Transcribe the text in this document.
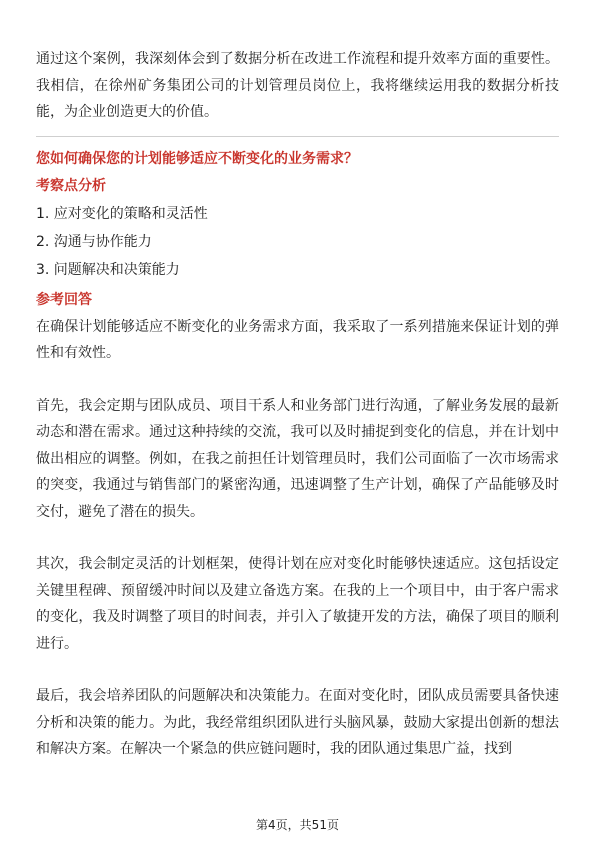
通过这个案例，我深刻体会到了数据分析在改进工作流程和提升效率方面的重要性。我相信，在徐州矿务集团公司的计划管理员岗位上，我将继续运用我的数据分析技能，为企业创造更大的价值。

您如何确保您的计划能够适应不断变化的业务需求？

考察点分析

1. 应对变化的策略和灵活性
2. 沟通与协作能力
3. 问题解决和决策能力

参考回答

在确保计划能够适应不断变化的业务需求方面，我采取了一系列措施来保证计划的弹性和有效性。

首先，我会定期与团队成员、项目干系人和业务部门进行沟通，了解业务发展的最新动态和潜在需求。通过这种持续的交流，我可以及时捕捉到变化的信息，并在计划中做出相应的调整。例如，在我之前担任计划管理员时，我们公司面临了一次市场需求的突变，我通过与销售部门的紧密沟通，迅速调整了生产计划，确保了产品能够及时交付，避免了潜在的损失。

其次，我会制定灵活的计划框架，使得计划在应对变化时能够快速适应。这包括设定关键里程碑、预留缓冲时间以及建立备选方案。在我的上一个项目中，由于客户需求的变化，我及时调整了项目的时间表，并引入了敏捷开发的方法，确保了项目的顺利进行。

最后，我会培养团队的问题解决和决策能力。在面对变化时，团队成员需要具备快速分析和决策的能力。为此，我经常组织团队进行头脑风暴，鼓励大家提出创新的想法和解决方案。在解决一个紧急的供应链问题时，我的团队通过集思广益，找到

第4页，共51页
